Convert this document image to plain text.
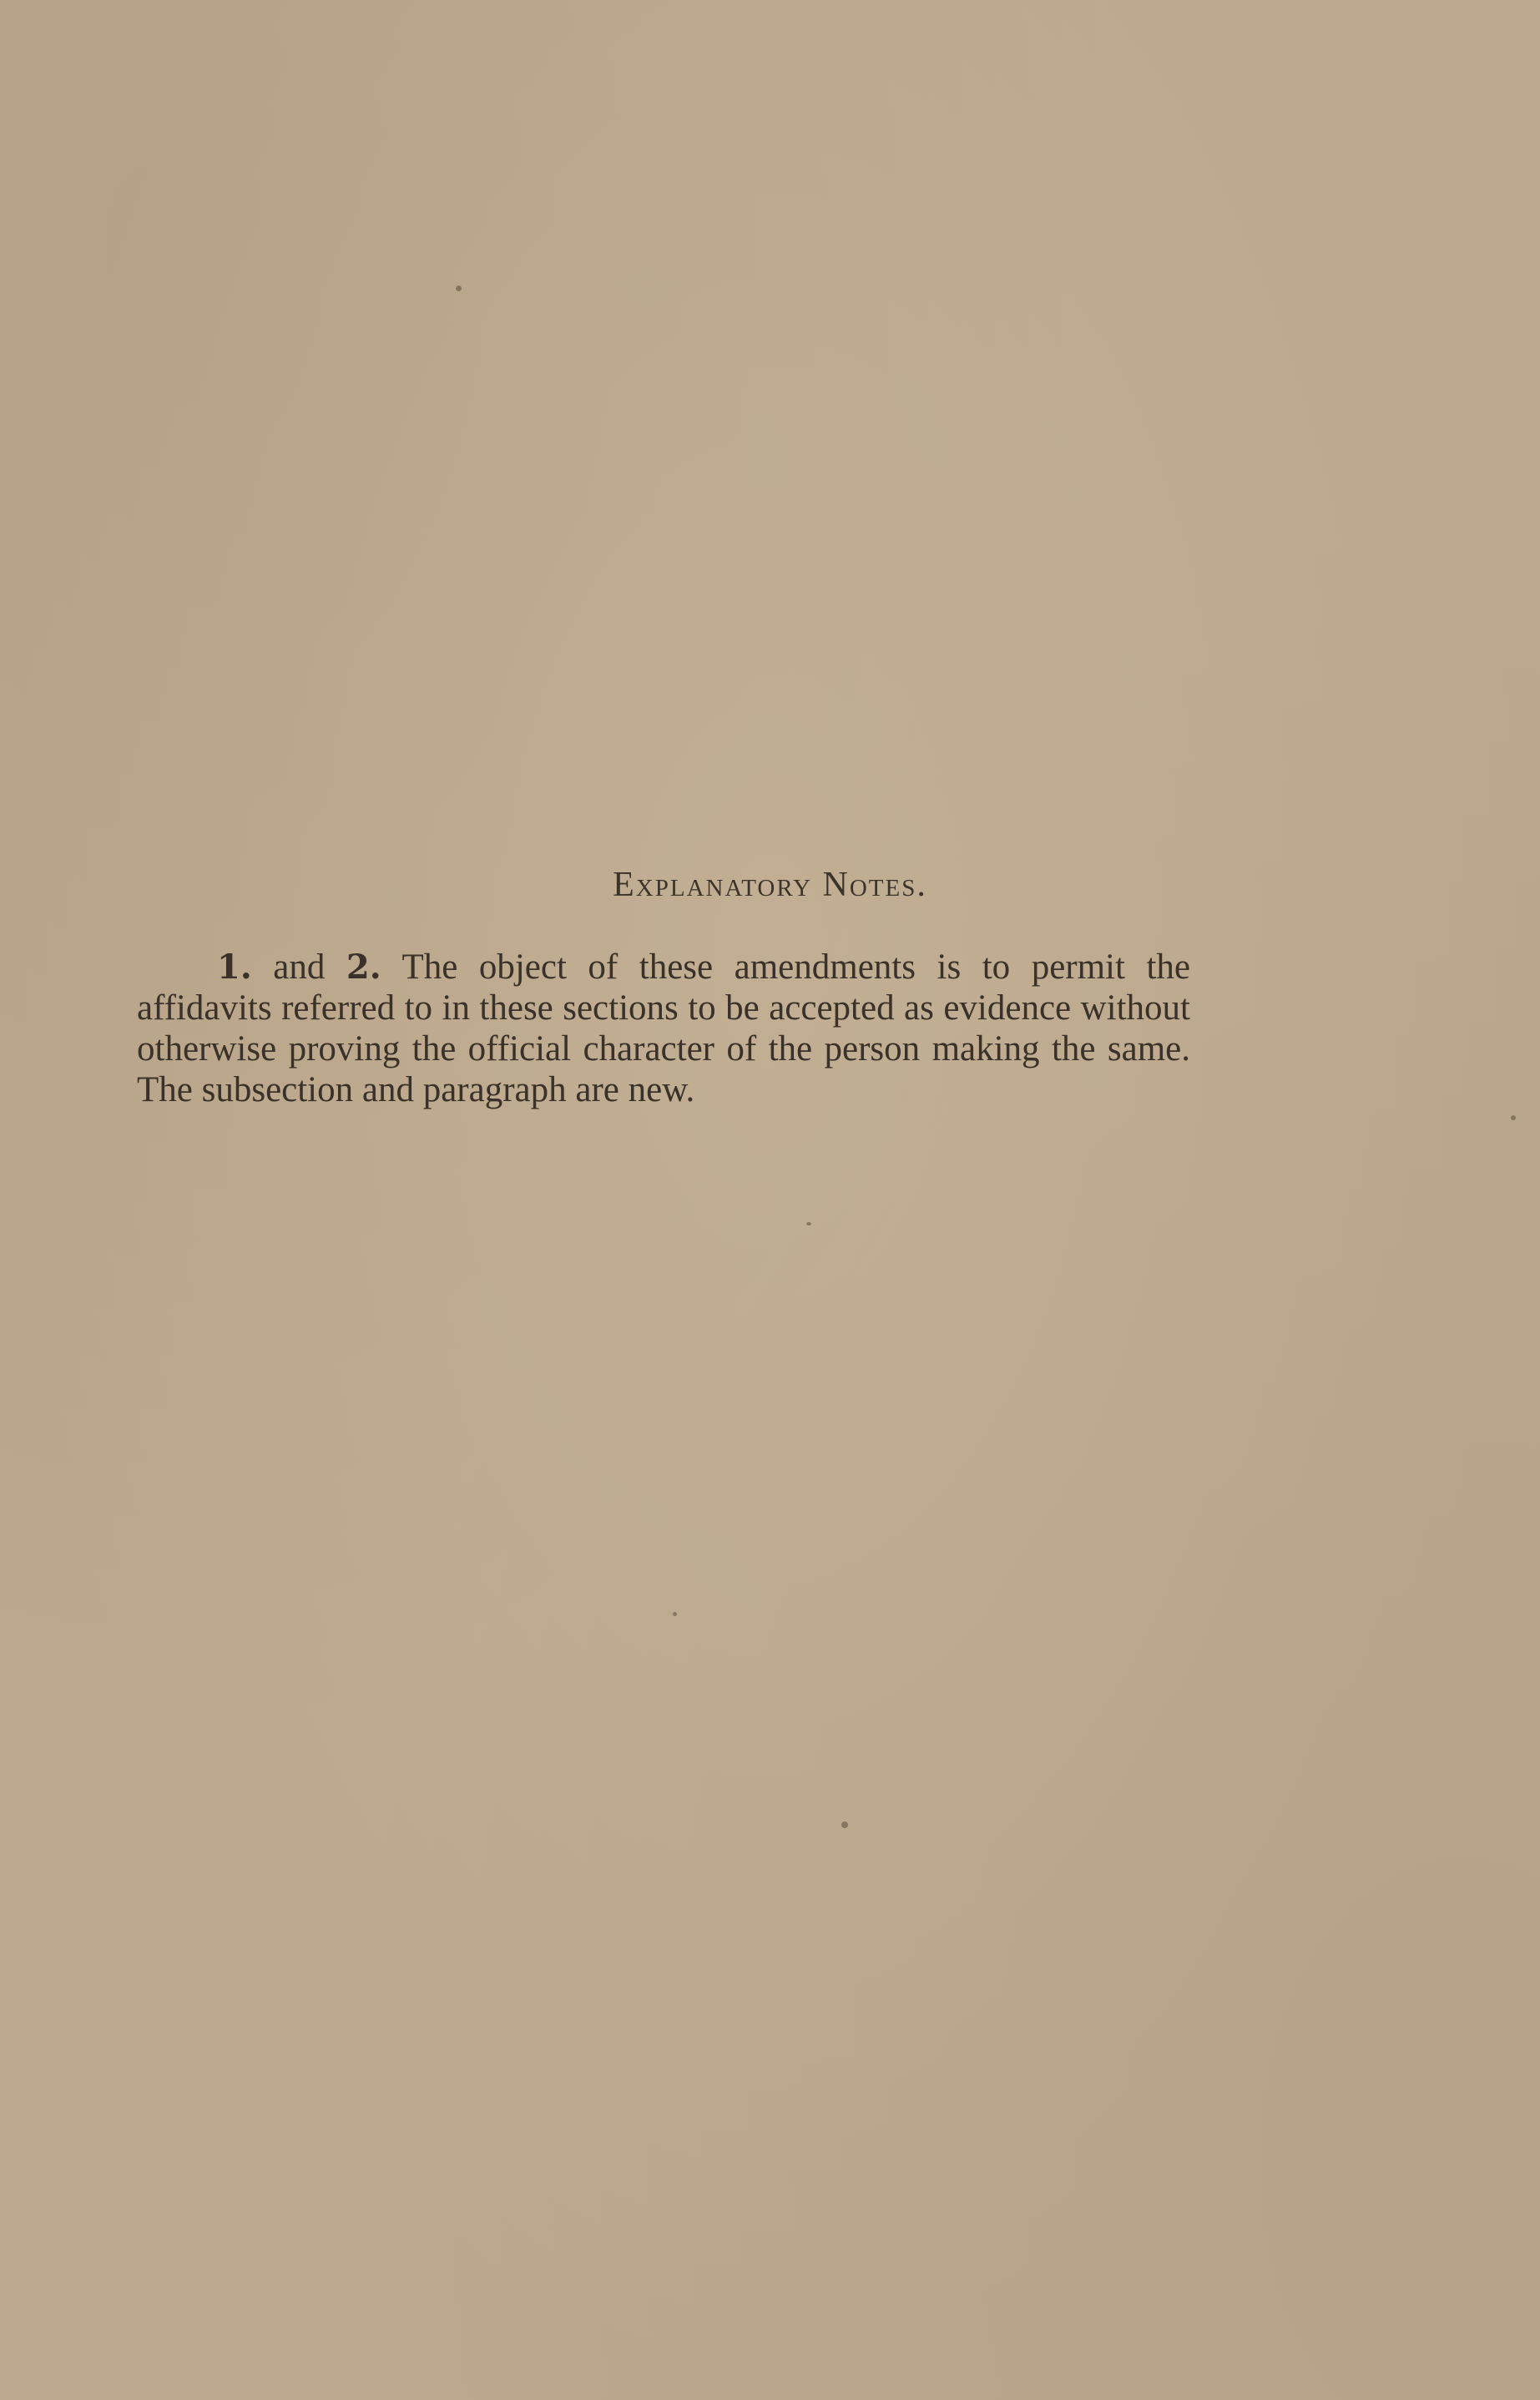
Explanatory Notes.
1. and 2. The object of these amendments is to permit the affidavits referred to in these sections to be accepted as evidence without otherwise proving the official character of the person making the same. The subsection and paragraph are new.
